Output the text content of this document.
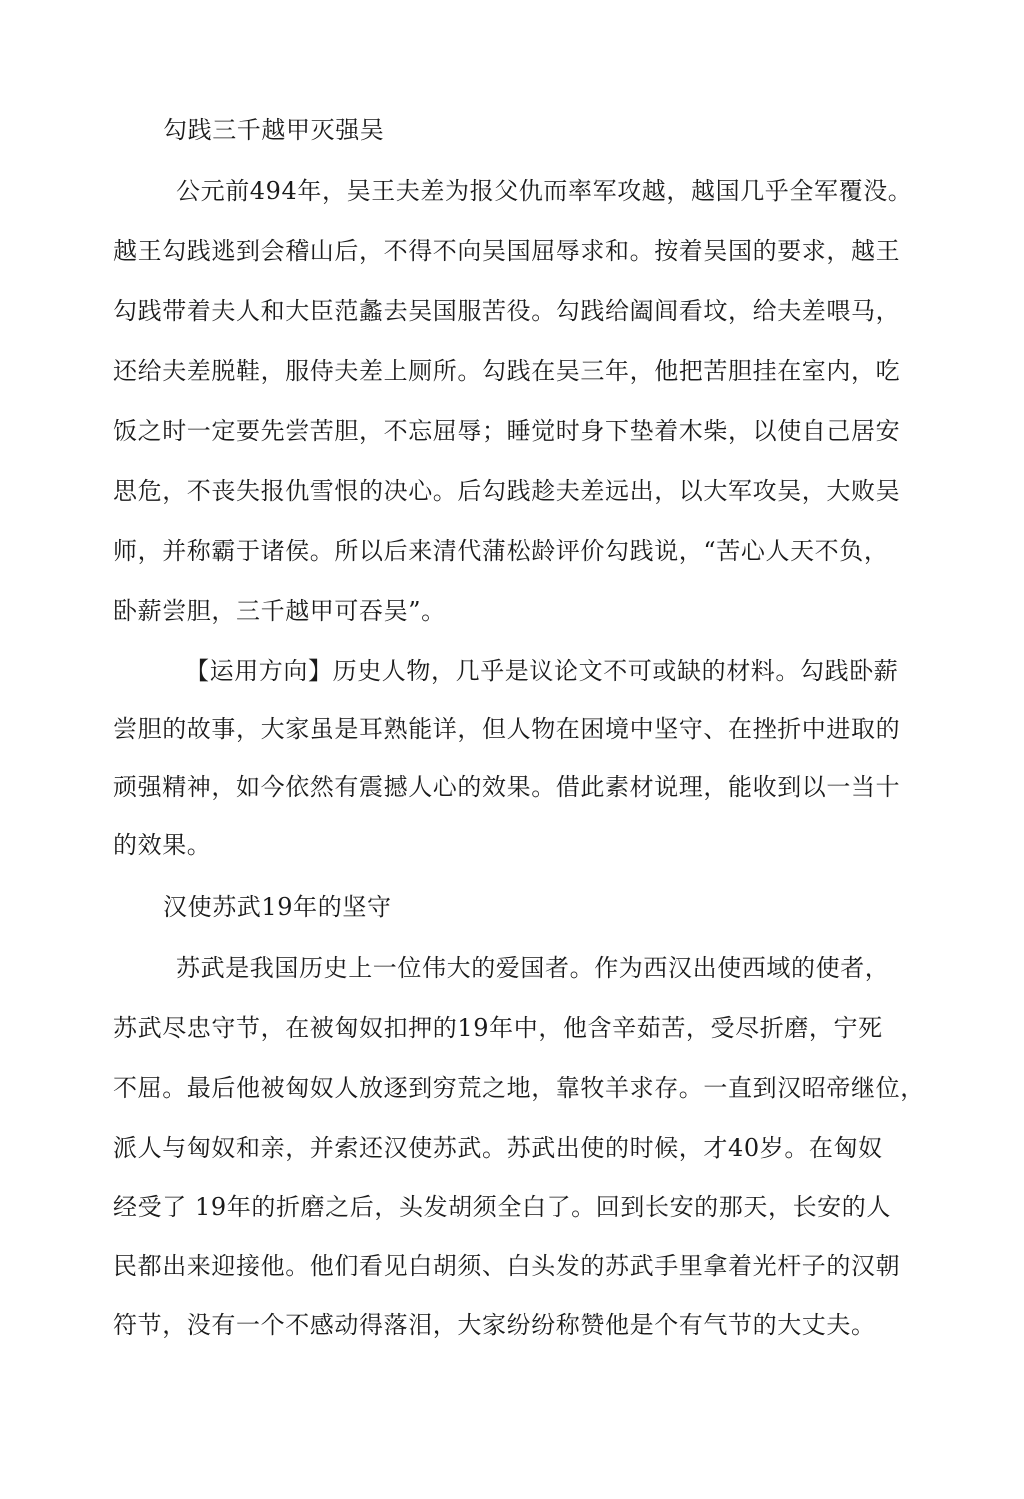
勾践三千越甲灭强吴
公元前494年，吴王夫差为报父仇而率军攻越，越国几乎全军覆没。
越王勾践逃到会稽山后，不得不向吴国屈辱求和。按着吴国的要求，越王
勾践带着夫人和大臣范蠡去吴国服苦役。勾践给阖闾看坟，给夫差喂马，
还给夫差脱鞋，服侍夫差上厕所。勾践在吴三年，他把苦胆挂在室内，吃
饭之时一定要先尝苦胆，不忘屈辱；睡觉时身下垫着木柴，以使自己居安
思危，不丧失报仇雪恨的决心。后勾践趁夫差远出，以大军攻吴，大败吴
师，并称霸于诸侯。所以后来清代蒲松龄评价勾践说，“苦心人天不负，
卧薪尝胆，三千越甲可吞吴”。
【运用方向】历史人物，几乎是议论文不可或缺的材料。勾践卧薪
尝胆的故事，大家虽是耳熟能详，但人物在困境中坚守、在挫折中进取的
顽强精神，如今依然有震撼人心的效果。借此素材说理，能收到以一当十
的效果。
汉使苏武19年的坚守
苏武是我国历史上一位伟大的爱国者。作为西汉出使西域的使者，
苏武尽忠守节，在被匈奴扣押的19年中，他含辛茹苦，受尽折磨，宁死
不屈。最后他被匈奴人放逐到穷荒之地，靠牧羊求存。一直到汉昭帝继位，
派人与匈奴和亲，并索还汉使苏武。苏武出使的时候，才40岁。在匈奴
经受了 19年的折磨之后，头发胡须全白了。回到长安的那天，长安的人
民都出来迎接他。他们看见白胡须、白头发的苏武手里拿着光杆子的汉朝
符节，没有一个不感动得落泪，大家纷纷称赞他是个有气节的大丈夫。
